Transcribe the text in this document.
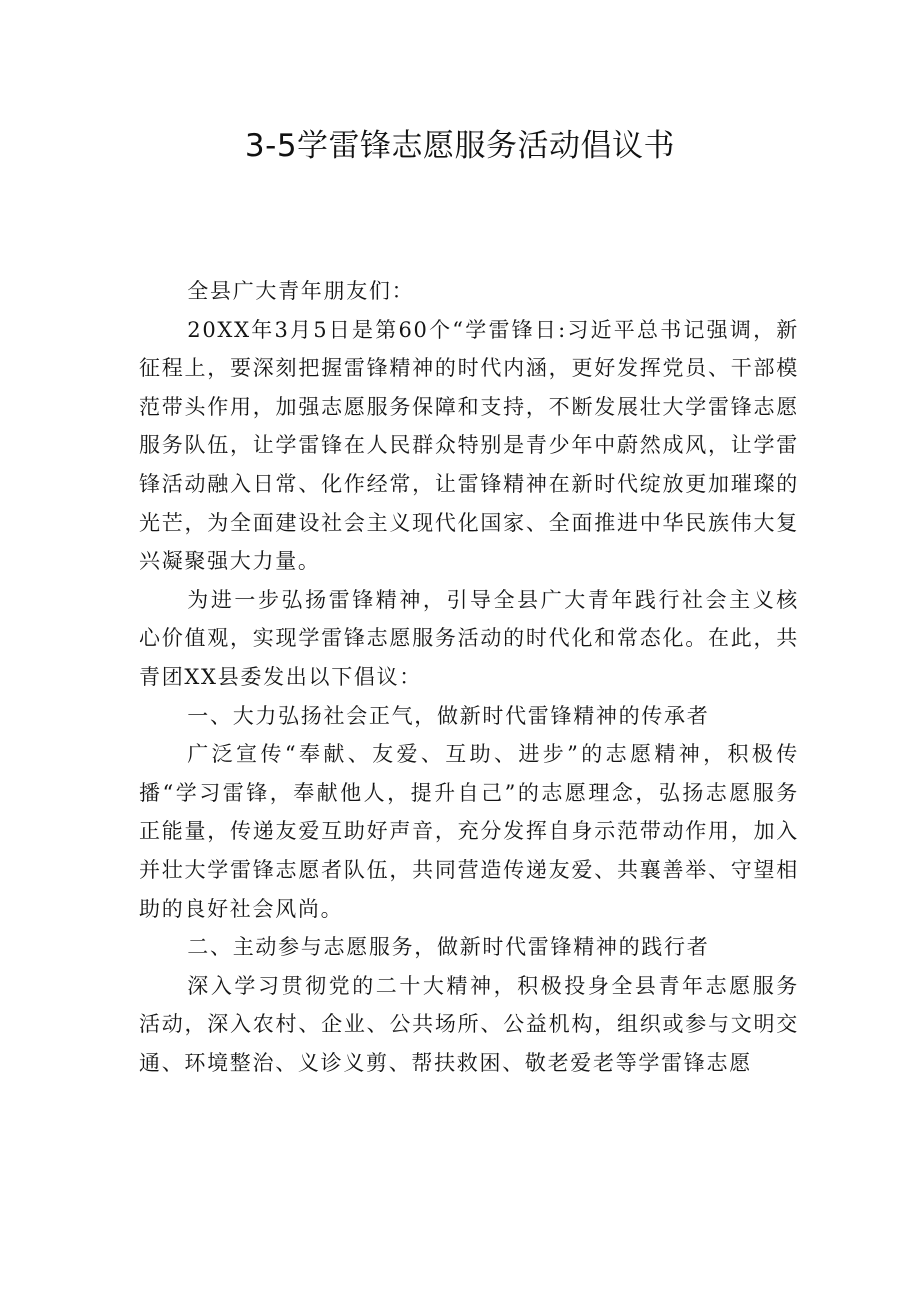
3-5学雷锋志愿服务活动倡议书

全县广大青年朋友们：

20XX年3月5日是第60个“学雷锋日:习近平总书记强调，新征程上，要深刻把握雷锋精神的时代内涵，更好发挥党员、干部模范带头作用，加强志愿服务保障和支持，不断发展壮大学雷锋志愿服务队伍，让学雷锋在人民群众特别是青少年中蔚然成风，让学雷锋活动融入日常、化作经常，让雷锋精神在新时代绽放更加璀璨的光芒，为全面建设社会主义现代化国家、全面推进中华民族伟大复兴凝聚强大力量。

为进一步弘扬雷锋精神，引导全县广大青年践行社会主义核心价值观，实现学雷锋志愿服务活动的时代化和常态化。在此，共青团XX县委发出以下倡议：

一、大力弘扬社会正气，做新时代雷锋精神的传承者

广泛宣传“奉献、友爱、互助、进步”的志愿精神，积极传播“学习雷锋，奉献他人，提升自己”的志愿理念，弘扬志愿服务正能量，传递友爱互助好声音，充分发挥自身示范带动作用，加入并壮大学雷锋志愿者队伍，共同营造传递友爱、共襄善举、守望相助的良好社会风尚。

二、主动参与志愿服务，做新时代雷锋精神的践行者

深入学习贯彻党的二十大精神，积极投身全县青年志愿服务活动，深入农村、企业、公共场所、公益机构，组织或参与文明交通、环境整治、义诊义剪、帮扶救困、敬老爱老等学雷锋志愿
